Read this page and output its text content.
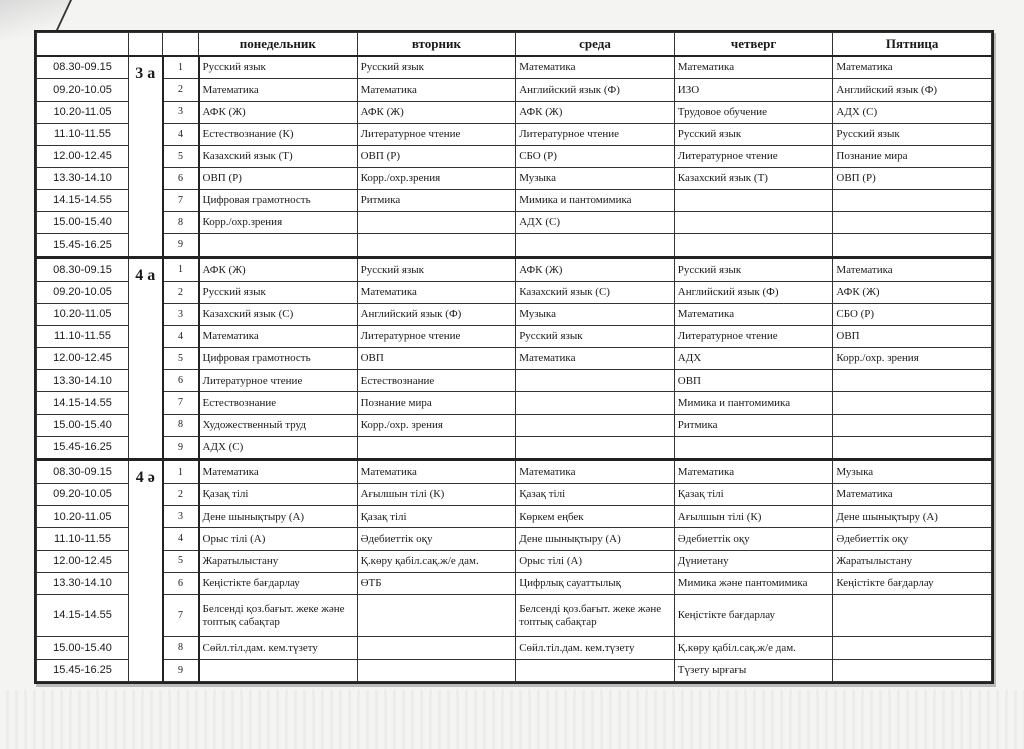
			понедельник	вторник	среда	четверг	Пятница
08.30-09.15	3 а	1	Русский язык	Русский язык	Математика	Математика	Математика
09.20-10.05		2	Математика	Математика	Английский язык (Ф)	ИЗО	Английский язык (Ф)
10.20-11.05		3	АФК (Ж)	АФК (Ж)	АФК (Ж)	Трудовое обучение	АДХ (С)
11.10-11.55		4	Естествознание (К)	Литературное чтение	Литературное чтение	Русский язык	Русский язык
12.00-12.45		5	Казахский язык (Т)	ОВП (Р)	СБО (Р)	Литературное чтение	Познание мира
13.30-14.10		6	ОВП (Р)	Корр./охр.зрения	Музыка	Казахский язык (Т)	ОВП (Р)
14.15-14.55		7	Цифровая грамотность	Ритмика	Мимика и пантомимика		
15.00-15.40		8	Корр./охр.зрения		АДХ (С)		
15.45-16.25		9					
08.30-09.15	4 а	1	АФК (Ж)	Русский язык	АФК (Ж)	Русский язык	Математика
09.20-10.05		2	Русский язык	Математика	Казахский язык (С)	Английский язык (Ф)	АФК (Ж)
10.20-11.05		3	Казахский язык (С)	Английский язык (Ф)	Музыка	Математика	СБО (Р)
11.10-11.55		4	Математика	Литературное чтение	Русский язык	Литературное чтение	ОВП
12.00-12.45		5	Цифровая грамотность	ОВП	Математика	АДХ	Корр./охр. зрения
13.30-14.10		6	Литературное чтение	Естествознание		ОВП	
14.15-14.55		7	Естествознание	Познание мира		Мимика и пантомимика	
15.00-15.40		8	Художественный труд	Корр./охр. зрения		Ритмика	
15.45-16.25		9	АДХ (С)				
08.30-09.15	4 ә	1	Математика	Математика	Математика	Математика	Музыка
09.20-10.05		2	Қазақ тілі	Ағылшын тілі (К)	Қазақ тілі	Қазақ тілі	Математика
10.20-11.05		3	Дене шынықтыру (А)	Қазақ тілі	Көркем еңбек	Ағылшын тілі (К)	Дене шынықтыру (А)
11.10-11.55		4	Орыс тілі (А)	Әдебиеттік оқу	Дене шынықтыру (А)	Әдебиеттік оқу	Әдебиеттік оқу
12.00-12.45		5	Жаратылыстану	Қ.көру қабіл.сақ.ж/е дам.	Орыс тілі (А)	Дүниетану	Жаратылыстану
13.30-14.10		6	Кеңістікте бағдарлау	ӨТБ	Цифрлық сауаттылық	Мимика және пантомимика	Кеңістікте бағдарлау
14.15-14.55		7	Белсенді қоз.бағыт. жеке және топтық сабақтар		Белсенді қоз.бағыт. жеке және топтық сабақтар	Кеңістікте бағдарлау	
15.00-15.40		8	Сөйл.тіл.дам. кем.түзету		Сөйл.тіл.дам. кем.түзету	Қ.көру қабіл.сақ.ж/е дам.	
15.45-16.25		9				Түзету ырғағы	
